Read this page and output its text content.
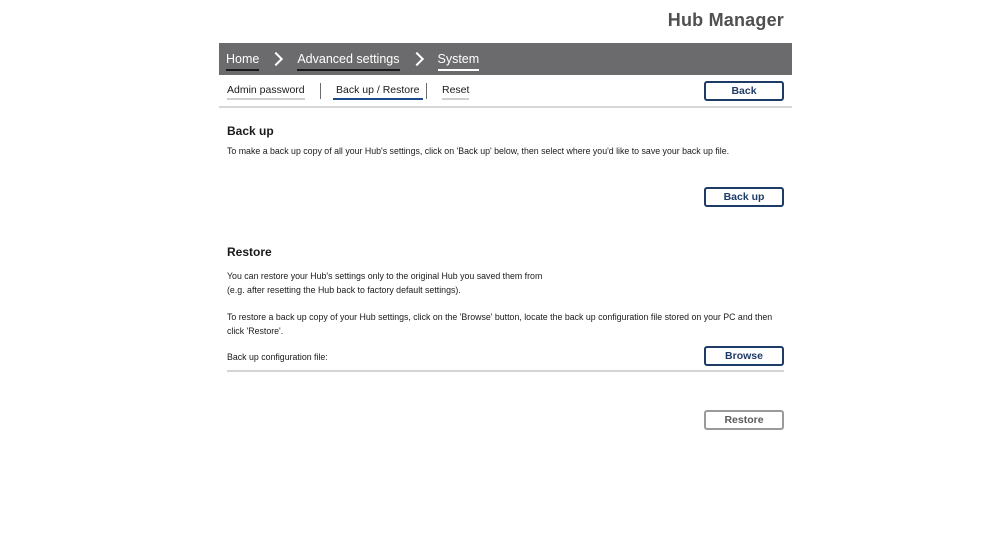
Hub Manager
Home	Advanced settings	System
Admin password	Back up / Restore	Reset	Back
Back up
To make a back up copy of all your Hub's settings, click on 'Back up' below, then select where you'd like to save your back up file.
Back up
Restore
You can restore your Hub's settings only to the original Hub you saved them from
(e.g. after resetting the Hub back to factory default settings).
To restore a back up copy of your Hub settings, click on the 'Browse' button, locate the back up configuration file stored on your PC and then click 'Restore'.
Back up configuration file:	Browse
Restore
